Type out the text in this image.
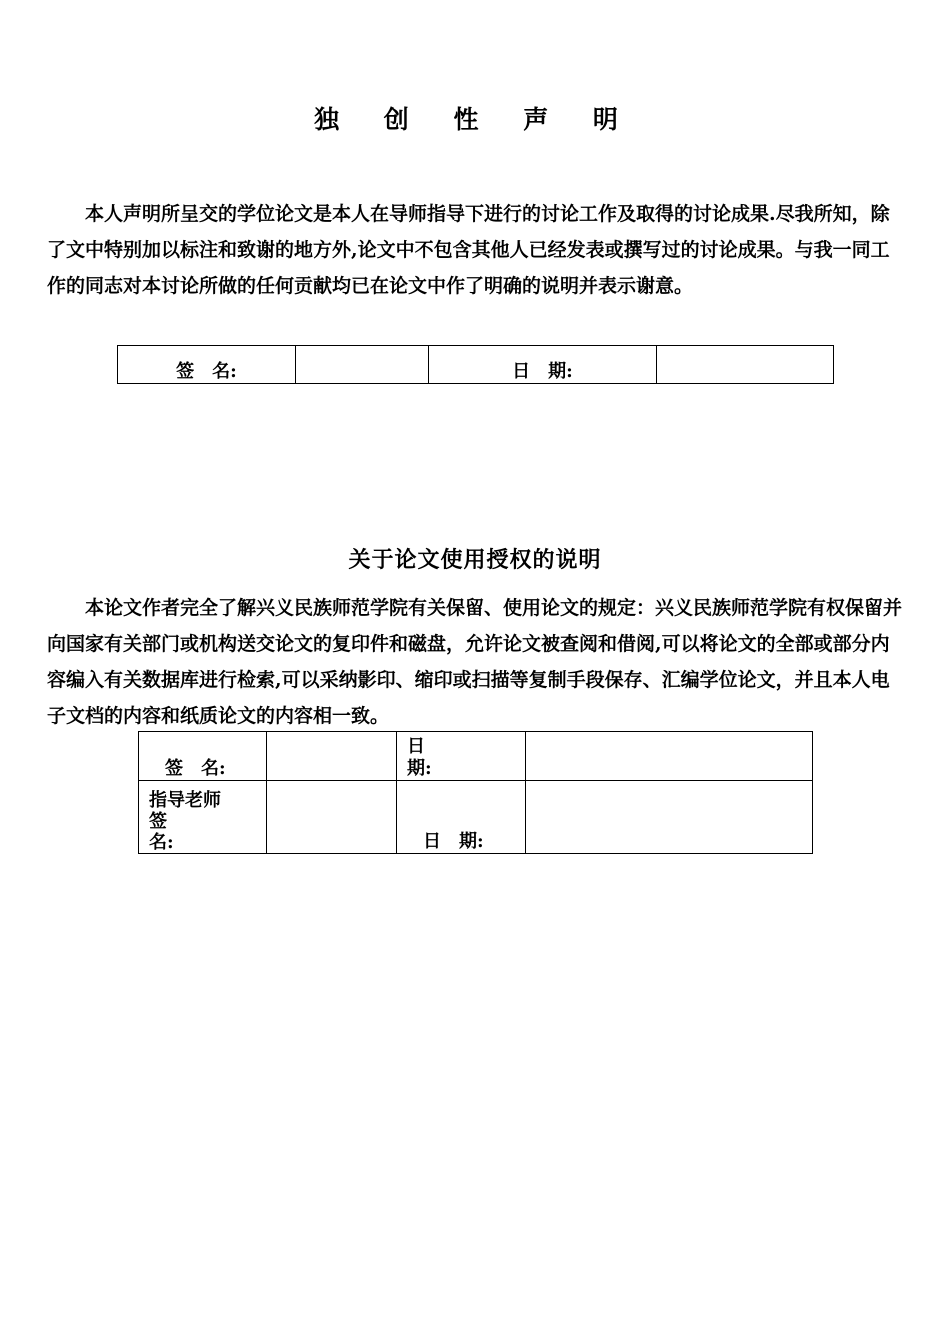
独 创 性 声 明

本人声明所呈交的学位论文是本人在导师指导下进行的讨论工作及取得的讨论成果.尽我所知，除了文中特别加以标注和致谢的地方外,论文中不包含其他人已经发表或撰写过的讨论成果。与我一同工作的同志对本讨论所做的任何贡献均已在论文中作了明确的说明并表示谢意。

签　名:		日　期:	
关于论文使用授权的说明

本论文作者完全了解兴义民族师范学院有关保留、使用论文的规定：兴义民族师范学院有权保留并向国家有关部门或机构送交论文的复印件和磁盘，允许论文被查阅和借阅,可以将论文的全部或部分内容编入有关数据库进行检索,可以采纳影印、缩印或扫描等复制手段保存、汇编学位论文，并且本人电子文档的内容和纸质论文的内容相一致。

签　名:		日
期:	

指导老师
签
名:		日　期:	
